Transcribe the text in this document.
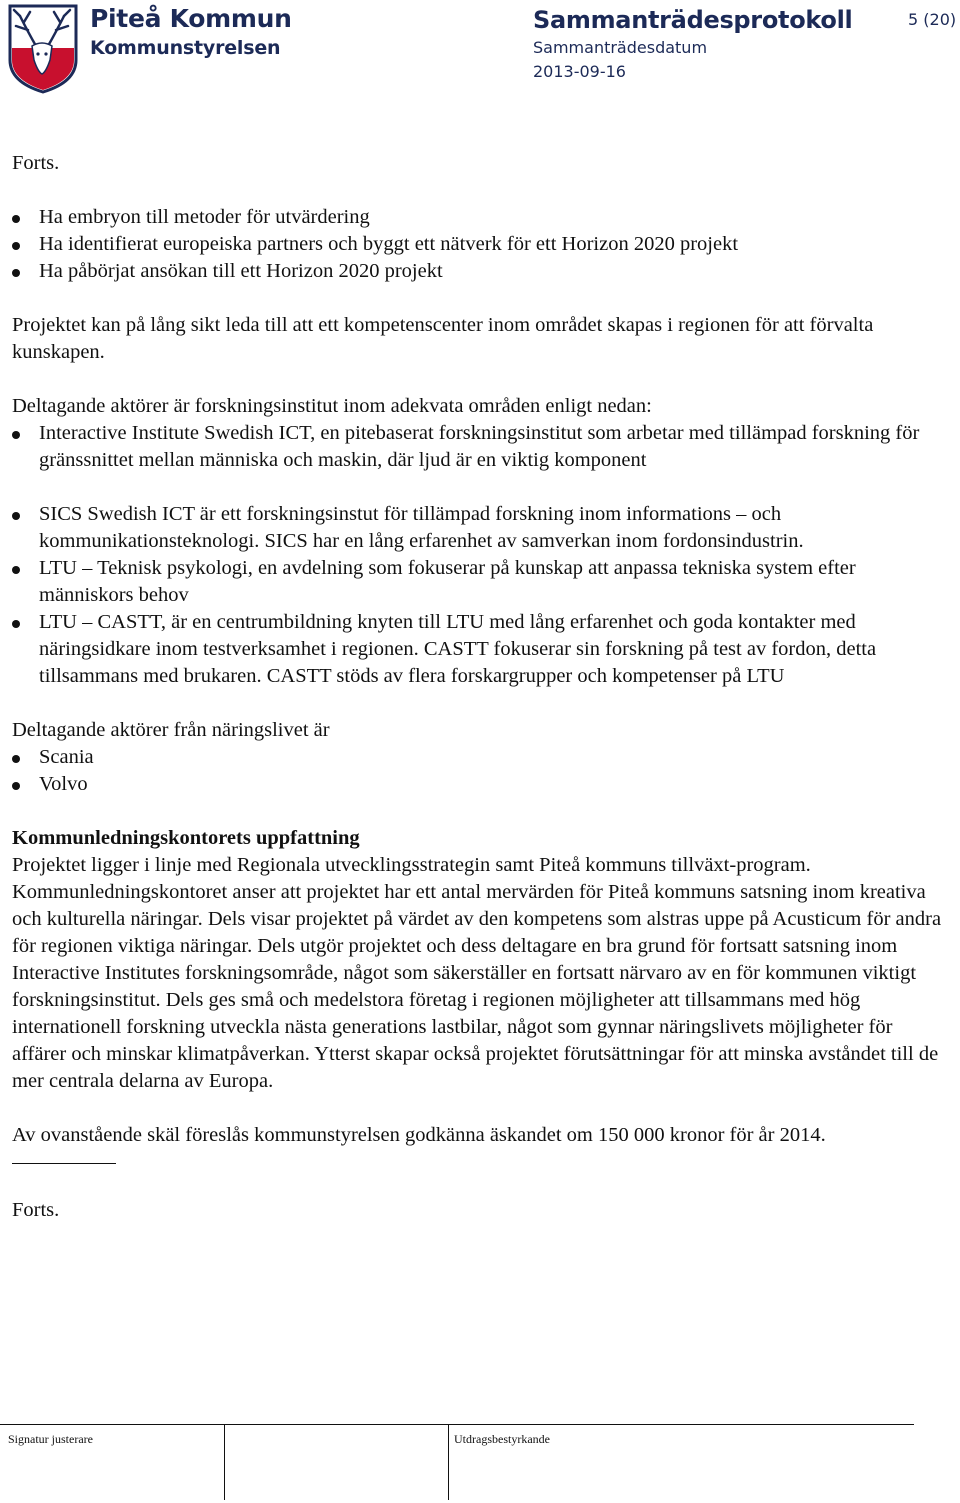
Piteå Kommun
Kommunstyrelsen
Sammanträdesprotokoll
Sammanträdesdatum
2013-09-16
5 (20)

Forts.

Ha embryon till metoder för utvärdering
Ha identifierat europeiska partners och byggt ett nätverk för ett Horizon 2020 projekt
Ha påbörjat ansökan till ett Horizon 2020 projekt

Projektet kan på lång sikt leda till att ett kompetenscenter inom området skapas i regionen för att förvalta kunskapen.

Deltagande aktörer är forskningsinstitut inom adekvata områden enligt nedan:

Interactive Institute Swedish ICT, en pitebaserat forskningsinstitut som arbetar med tillämpad forskning för gränssnittet mellan människa och maskin, där ljud är en viktig komponent
SICS Swedish ICT är ett forskningsinstut för tillämpad forskning inom informations – och kommunikationsteknologi. SICS har en lång erfarenhet av samverkan inom fordonsindustrin.
LTU – Teknisk psykologi, en avdelning som fokuserar på kunskap att anpassa tekniska system efter människors behov
LTU – CASTT, är en centrumbildning knyten till LTU med lång erfarenhet och goda kontakter med näringsidkare inom testverksamhet i regionen. CASTT fokuserar sin forskning på test av fordon, detta tillsammans med brukaren. CASTT stöds av flera forskargrupper och kompetenser på LTU

Deltagande aktörer från näringslivet är

Scania
Volvo

Kommunledningskontorets uppfattning

Projektet ligger i linje med Regionala utvecklingsstrategin samt Piteå kommuns tillväxt-program. Kommunledningskontoret anser att projektet har ett antal mervärden för Piteå kommuns satsning inom kreativa och kulturella näringar. Dels visar projektet på värdet av den kompetens som alstras uppe på Acusticum för andra för regionen viktiga näringar. Dels utgör projektet och dess deltagare en bra grund för fortsatt satsning inom Interactive Institutes forskningsområde, något som säkerställer en fortsatt närvaro av en för kommunen viktigt forskningsinstitut. Dels ges små och medelstora företag i regionen möjligheter att tillsammans med hög internationell forskning utveckla nästa generations lastbilar, något som gynnar näringslivets möjligheter för affärer och minskar klimatpåverkan. Ytterst skapar också projektet förutsättningar för att minska avståndet till de mer centrala delarna av Europa.

Av ovanstående skäl föreslås kommunstyrelsen godkänna äskandet om 150 000 kronor för år 2014.

Forts.

Signatur justerare	Utdragsbestyrkande
